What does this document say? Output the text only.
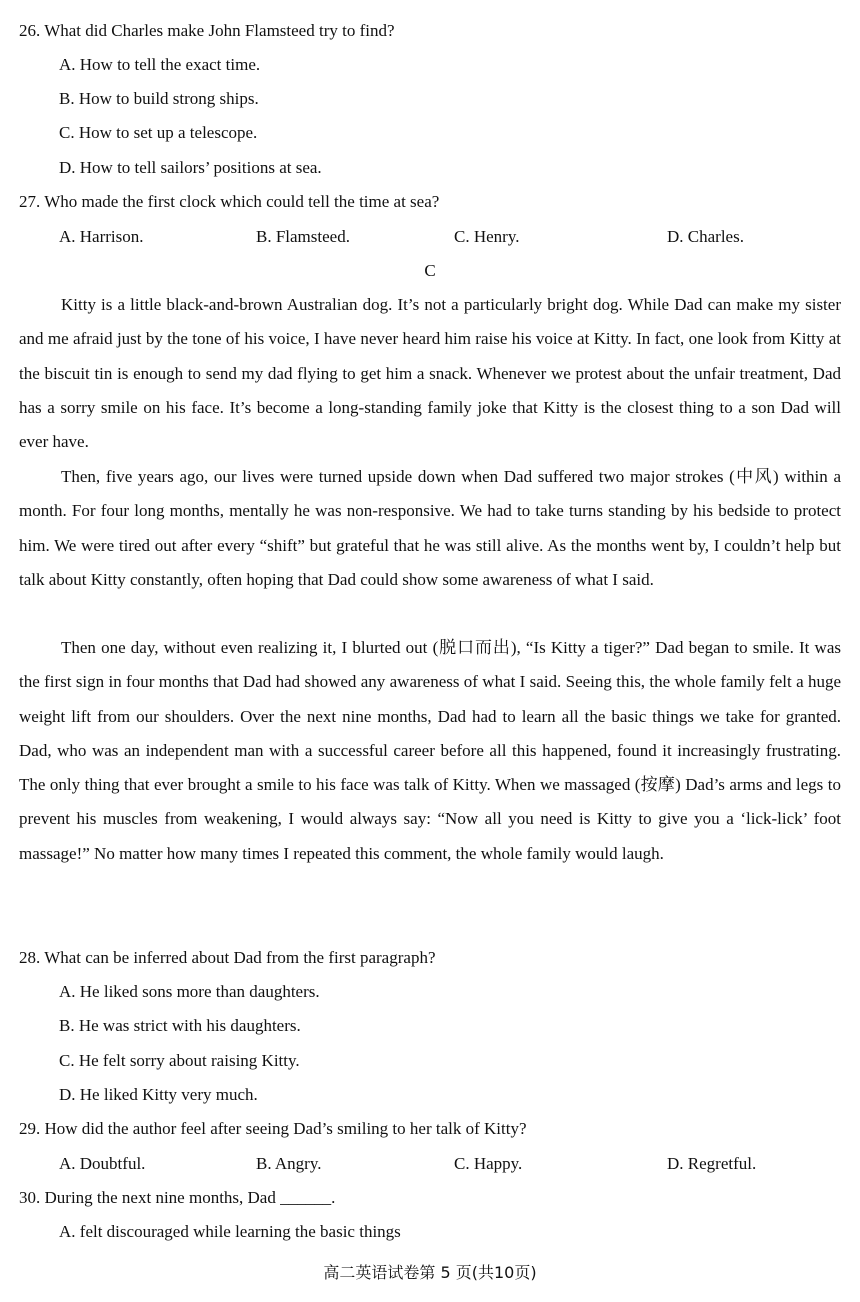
26. What did Charles make John Flamsteed try to find?
A. How to tell the exact time.
B. How to build strong ships.
C. How to set up a telescope.
D. How to tell sailors’ positions at sea.
27. Who made the first clock which could tell the time at sea?
A. Harrison.	B. Flamsteed.	C. Henry.	D. Charles.
C
Kitty is a little black-and-brown Australian dog. It’s not a particularly bright dog. While Dad can make my sister and me afraid just by the tone of his voice, I have never heard him raise his voice at Kitty. In fact, one look from Kitty at the biscuit tin is enough to send my dad flying to get him a snack. Whenever we protest about the unfair treatment, Dad has a sorry smile on his face. It’s become a long-standing family joke that Kitty is the closest thing to a son Dad will ever have.
Then, five years ago, our lives were turned upside down when Dad suffered two major strokes (中风) within a month. For four long months, mentally he was non-responsive. We had to take turns standing by his bedside to protect him. We were tired out after every “shift” but grateful that he was still alive. As the months went by, I couldn’t help but talk about Kitty constantly, often hoping that Dad could show some awareness of what I said.
Then one day, without even realizing it, I blurted out (脱口而出), “Is Kitty a tiger?” Dad began to smile. It was the first sign in four months that Dad had showed any awareness of what I said. Seeing this, the whole family felt a huge weight lift from our shoulders. Over the next nine months, Dad had to learn all the basic things we take for granted. Dad, who was an independent man with a successful career before all this happened, found it increasingly frustrating. The only thing that ever brought a smile to his face was talk of Kitty. When we massaged (按摩) Dad’s arms and legs to prevent his muscles from weakening, I would always say: “Now all you need is Kitty to give you a ‘lick-lick’ foot massage!” No matter how many times I repeated this comment, the whole family would laugh.
28. What can be inferred about Dad from the first paragraph?
A. He liked sons more than daughters.
B. He was strict with his daughters.
C. He felt sorry about raising Kitty.
D. He liked Kitty very much.
29. How did the author feel after seeing Dad’s smiling to her talk of Kitty?
A. Doubtful.	B. Angry.	C. Happy.	D. Regretful.
30. During the next nine months, Dad ______.
A. felt discouraged while learning the basic things
高二英语试卷第 5 页(共10页)
